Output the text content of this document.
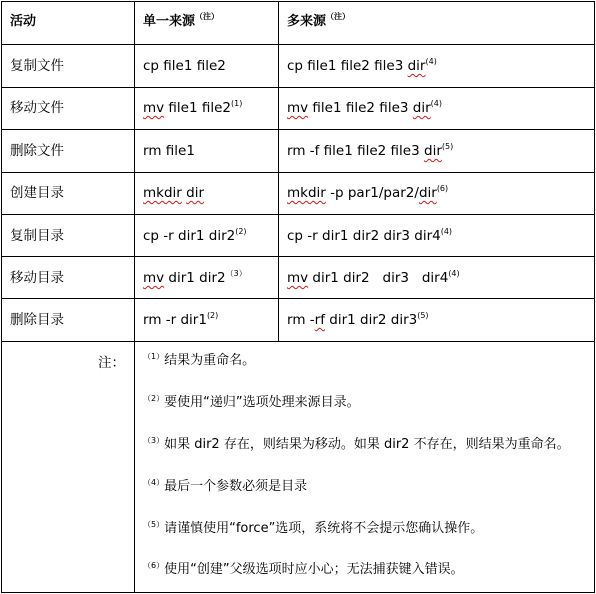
活动	单一来源$^{(注)}$	多来源$^{(注)}$
复制文件	cp file1 file2	cp file1 file2 file3 dir$^{(4)}$
移动文件	mv file1 file2$^{(1)}$	mv file1 file2 file3 dir$^{(4)}$
删除文件	rm file1	rm -f file1 file2 file3 dir$^{(5)}$
创建目录	mkdir dir	mkdir -p par1/par2/dir$^{(6)}$
复制目录	cp -r dir1 dir2$^{(2)}$	cp -r dir1 dir2 dir3 dir4$^{(4)}$
移动目录	mv dir1 $dir2^{(3)}$	mv dir1 dir2   dir3   dir4$^{(4)}$
删除目录	rm -r dir1$^{(2)}$	rm -rf dir1 dir2 dir3$^{(5)}$
注： $^{(1)}$结果为重命名。
$^{(2)}$要使用“递归”选项处理来源目录。
$^{(3)}$如果 dir2 存在，则结果为移动。如果 dir2 不存在，则结果为重命名。
$^{(4)}$最后一个参数必须是目录
$^{(5)}$请谨慎使用“force”选项，系统将不会提示您确认操作。
$^{(6)}$使用“创建”父级选项时应小心；无法捕获键入错误。
